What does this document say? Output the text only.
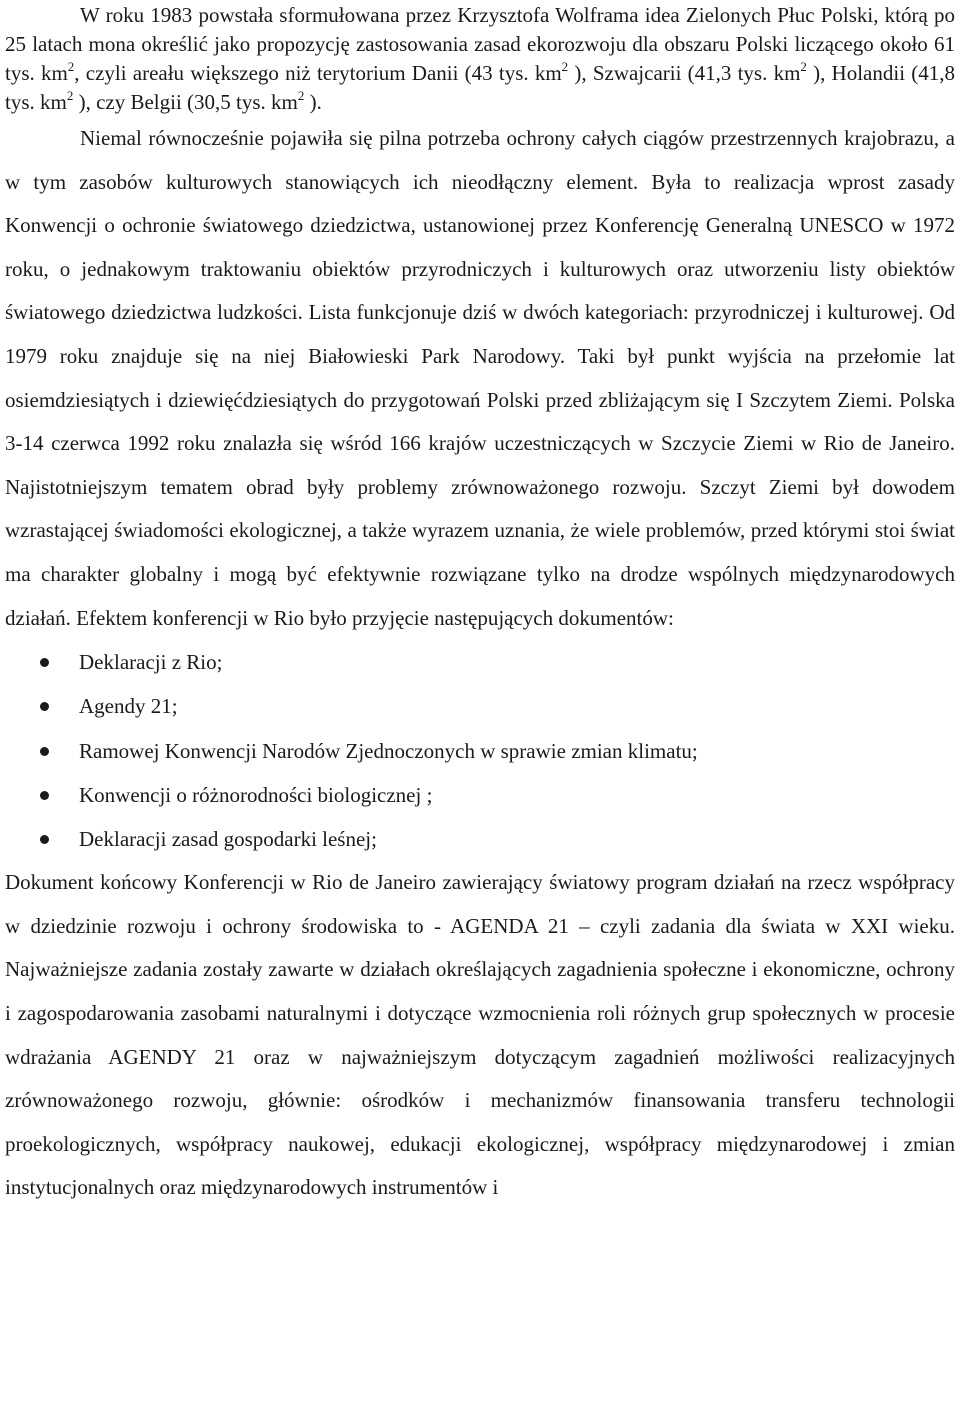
W roku 1983 powstała sformułowana przez Krzysztofa Wolframa idea Zielonych Płuc Polski, którą po 25 latach mona określić jako propozycję zastosowania zasad ekorozwoju dla obszaru Polski liczącego około 61 tys. $km^2$, czyli areału większego niż terytorium Danii (43 tys. $km^2$ ), Szwajcarii (41,3 tys. $km^2$ ), Holandii (41,8 tys. $km^2$ ), czy Belgii (30,5 tys. $km^2$ ).

Niemal równocześnie pojawiła się pilna potrzeba ochrony całych ciągów przestrzennych krajobrazu, a w tym zasobów kulturowych stanowiących ich nieodłączny element. Była to realizacja wprost zasady Konwencji o ochronie światowego dziedzictwa, ustanowionej przez Konferencję Generalną UNESCO w 1972 roku, o jednakowym traktowaniu obiektów przyrodniczych i kulturowych oraz utworzeniu listy obiektów światowego dziedzictwa ludzkości. Lista funkcjonuje dziś w dwóch kategoriach: przyrodniczej i kulturowej. Od 1979 roku znajduje się na niej Białowieski Park Narodowy. Taki był punkt wyjścia na przełomie lat osiemdziesiątych i dziewięćdziesiątych do przygotowań Polski przed zbliżającym się I Szczytem Ziemi. Polska 3-14 czerwca 1992 roku znalazła się wśród 166 krajów uczestniczących w Szczycie Ziemi w Rio de Janeiro. Najistotniejszym tematem obrad były problemy zrównoważonego rozwoju. Szczyt Ziemi był dowodem wzrastającej świadomości ekologicznej, a także wyrazem uznania, że wiele problemów, przed którymi stoi świat ma charakter globalny i mogą być efektywnie rozwiązane tylko na drodze wspólnych międzynarodowych działań. Efektem konferencji w Rio było przyjęcie następujących dokumentów:

Deklaracji z Rio;
Agendy 21;
Ramowej Konwencji Narodów Zjednoczonych w sprawie zmian klimatu;
Konwencji o różnorodności biologicznej ;
Deklaracji zasad gospodarki leśnej;

Dokument końcowy Konferencji w Rio de Janeiro zawierający światowy program działań na rzecz współpracy w dziedzinie rozwoju i ochrony środowiska to - AGENDA 21 – czyli zadania dla świata w XXI wieku. Najważniejsze zadania zostały zawarte w działach określających zagadnienia społeczne i ekonomiczne, ochrony i zagospodarowania zasobami naturalnymi i dotyczące wzmocnienia roli różnych grup społecznych w procesie wdrażania AGENDY 21 oraz w najważniejszym dotyczącym zagadnień możliwości realizacyjnych zrównoważonego rozwoju, głównie: ośrodków i mechanizmów finansowania transferu technologii proekologicznych, współpracy naukowej, edukacji ekologicznej, współpracy międzynarodowej i zmian instytucjonalnych oraz międzynarodowych instrumentów i
